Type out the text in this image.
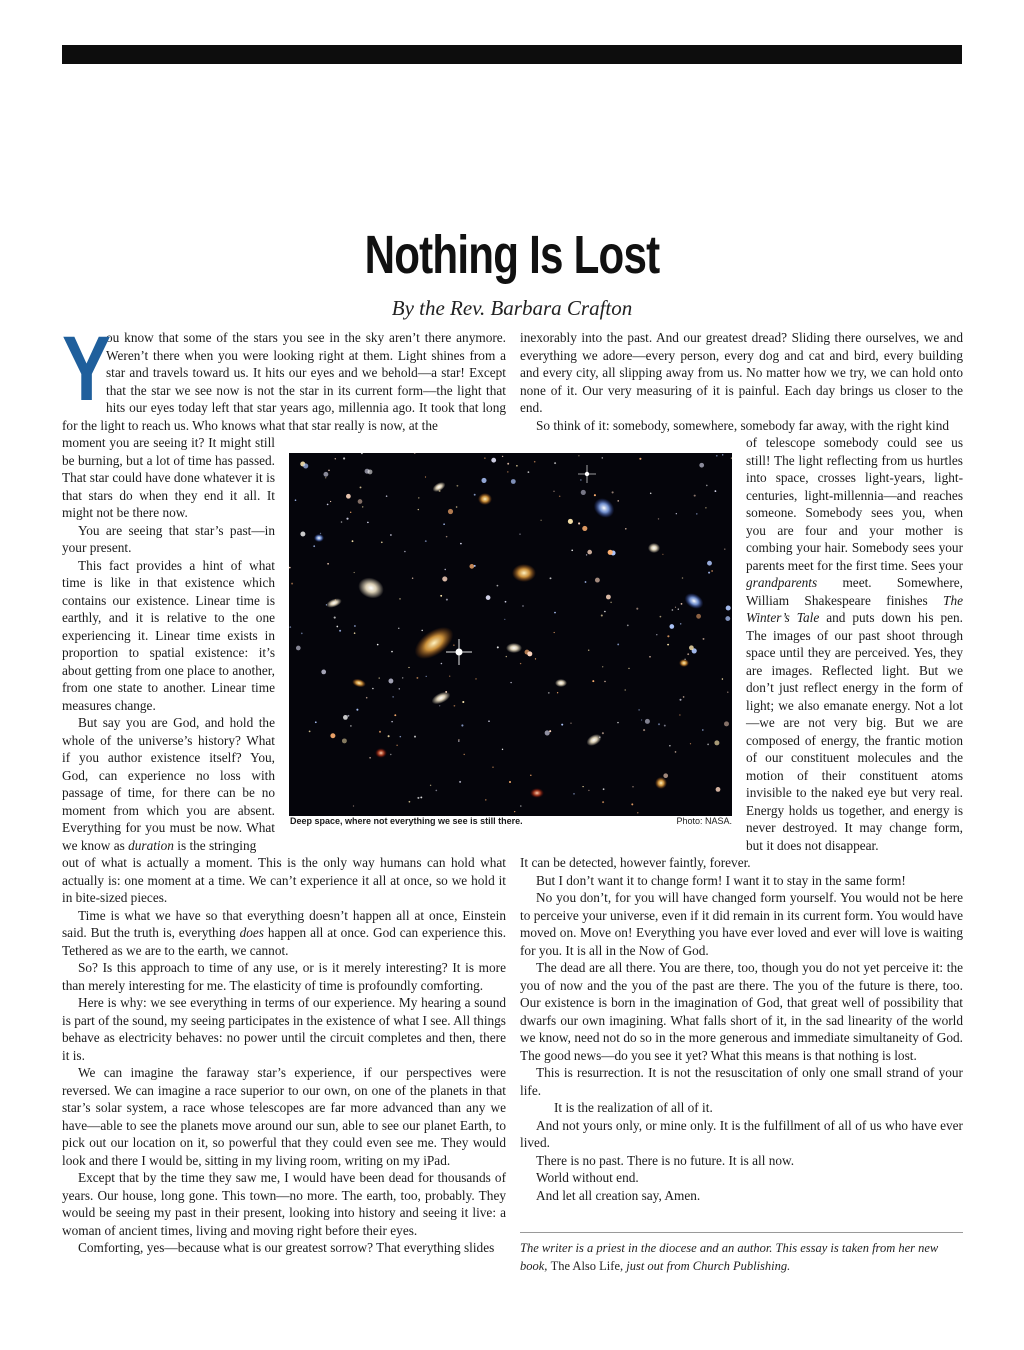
Nothing Is Lost
By the Rev. Barbara Crafton
Y
ou know that some of the stars you see in the sky aren’t there anymore. Weren’t there when you were looking right at them. Light shines from a star and travels toward us. It hits our eyes and we behold—a star! Except that the star we see now is not the star in its current form—the light that hits our eyes today left that star years ago, millennia ago. It took that long for the light to reach us. Who knows what that star really is now, at the

moment you are seeing it? It might still be burning, but a lot of time has passed. That star could have done whatever it is that stars do when they end it all. It might not be there now.

You are seeing that star’s past—in your present.

This fact provides a hint of what time is like in that existence which contains our existence. Linear time is earthly, and it is relative to the one experiencing it. Linear time exists in proportion to spatial existence: it’s about getting from one place to another, from one state to another. Linear time measures change.

But say you are God, and hold the whole of the universe’s history? What if you author existence itself? You, God, can experience no loss with passage of time, for there can be no moment from which you are absent. Everything for you must be now. What we know as duration is the stringing

out of what is actually a moment. This is the only way humans can hold what actually is: one moment at a time. We can’t experience it all at once, so we hold it in bite-sized pieces.

Time is what we have so that everything doesn’t happen all at once, Einstein said. But the truth is, everything does happen all at once. God can experience this. Tethered as we are to the earth, we cannot.

So? Is this approach to time of any use, or is it merely interesting? It is more than merely interesting for me. The elasticity of time is profoundly comforting.

Here is why: we see everything in terms of our experience. My hearing a sound is part of the sound, my seeing participates in the existence of what I see. All things behave as electricity behaves: no power until the circuit completes and then, there it is.

We can imagine the faraway star’s experience, if our perspectives were reversed. We can imagine a race superior to our own, on one of the planets in that star’s solar system, a race whose telescopes are far more advanced than any we have—able to see the planets move around our sun, able to see our planet Earth, to pick out our location on it, so powerful that they could even see me. They would look and there I would be, sitting in my living room, writing on my iPad.

Except that by the time they saw me, I would have been dead for thousands of years. Our house, long gone. This town—no more. The earth, too, probably. They would be seeing my past in their present, looking into history and seeing it live: a woman of ancient times, living and moving right before their eyes.

Comforting, yes—because what is our greatest sorrow? That everything slides

inexorably into the past. And our greatest dread? Sliding there ourselves, we and everything we adore—every person, every dog and cat and bird, every building and every city, all slipping away from us. No matter how we try, we can hold onto none of it. Our very measuring of it is painful. Each day brings us closer to the end.

So think of it: somebody, somewhere, somebody far away, with the right kind

of telescope somebody could see us still! The light reflecting from us hurtles into space, crosses light-years, light-centuries, light-millennia—and reaches someone. Somebody sees you, when you are four and your mother is combing your hair. Somebody sees your parents meet for the first time. Sees your grandparents meet. Somewhere, William Shakespeare finishes The Winter’s Tale and puts down his pen. The images of our past shoot through space until they are perceived. Yes, they are images. Reflected light. But we don’t just reflect energy in the form of light; we also emanate energy. Not a lot—we are not very big. But we are composed of energy, the frantic motion of our constituent molecules and the motion of their constituent atoms invisible to the naked eye but very real. Energy holds us together, and energy is never destroyed. It may change form, but it does not disappear.

It can be detected, however faintly, forever.

But I don’t want it to change form! I want it to stay in the same form!

No you don’t, for you will have changed form yourself. You would not be here to perceive your universe, even if it did remain in its current form. You would have moved on. Move on! Everything you have ever loved and ever will love is waiting for you. It is all in the Now of God.

The dead are all there. You are there, too, though you do not yet perceive it: the you of now and the you of the past are there. The you of the future is there, too. Our existence is born in the imagination of God, that great well of possibility that dwarfs our own imagining. What falls short of it, in the sad linearity of the world we know, need not do so in the more generous and immediate simultaneity of God. The good news—do you see it yet? What this means is that nothing is lost.

This is resurrection. It is not the resuscitation of only one small strand of your life.

It is the realization of all of it.

And not yours only, or mine only. It is the fulfillment of all of us who have ever lived.

There is no past. There is no future. It is all now.

World without end.

And let all creation say, Amen.

Deep space, where not everything we see is still there.	Photo: NASA.
The writer is a priest in the diocese and an author. This essay is taken from her new book, The Also Life, just out from Church Publishing.
